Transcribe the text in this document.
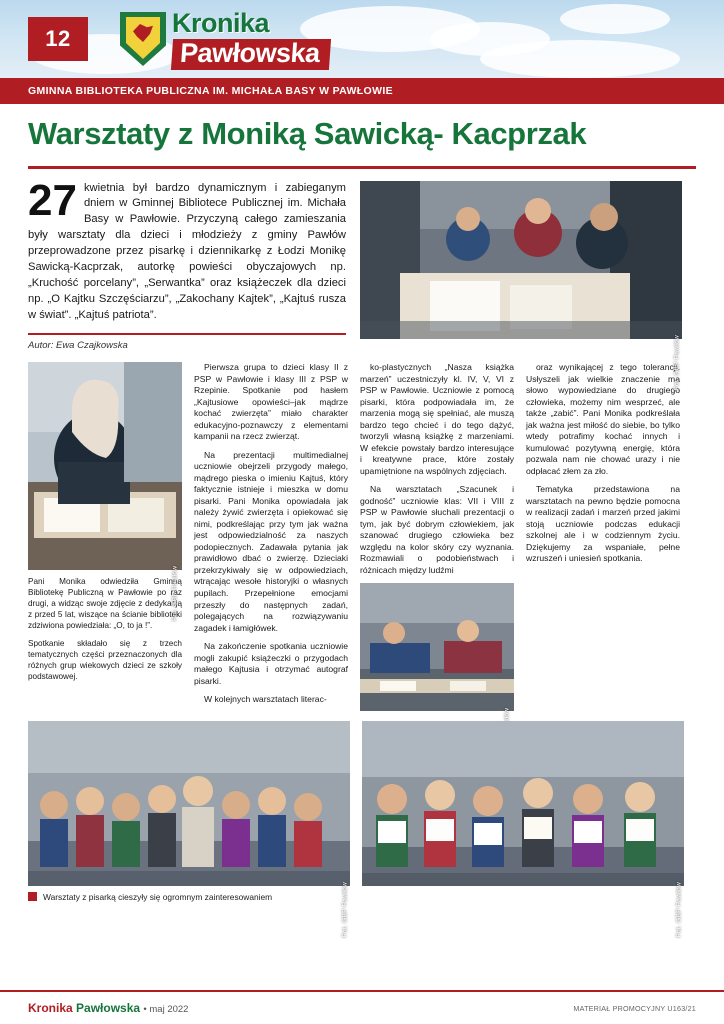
12
Kronika
Pawłowska
GMINNA BIBLIOTEKA PUBLICZNA IM. MICHAŁA BASY W PAWŁOWIE
Warsztaty z Moniką Sawicką- Kacprzak
27 kwietnia był bardzo dynamicznym i zabieganym dniem w Gminnej Bibliotece Publicznej im. Michała Basy w Pawłowie. Przyczyną całego zamieszania były warsztaty dla dzieci i młodzieży z gminy Pawłów przeprowadzone przez pisarkę i dziennikarkę z Łodzi Monikę Sawicką-Kacprzak, autorkę powieści obyczajowych np. „Kruchość porcelany”, „Serwantka” oraz książeczek dla dzieci np. „O Kajtku Szczęściarzu”, „Zakochany Kajtek”, „Kajtuś rusza w świat”. „Kajtuś patriota”.
Autor: Ewa Czajkowska	Fot. GBP Pawłów
Fot. GBP Pawłów
Pani Monika odwiedziła Gminną Bibliotekę Publiczną w Pawłowie po raz drugi, a widząc swoje zdjęcie z dedykacją z przed 5 lat, wiszące na ścianie biblioteki zdziwiona powiedziała: „O, to ja !”.
Spotkanie składało się z trzech tematycznych części przeznaczonych dla różnych grup wiekowych dzieci ze szkoły podstawowej.

Pierwsza grupa to dzieci klasy II z PSP w Pawłowie i klasy III z PSP w Rzepinie. Spotkanie pod hasłem „Kajtusiowe opowieści–jak mądrze kochać zwierzęta” miało charakter edukacyjno-poznawczy z elementami kampanii na rzecz zwierząt.

Na prezentacji multimedialnej uczniowie obejrzeli przygody małego, mądrego pieska o imieniu Kajtuś, który faktycznie istnieje i mieszka w domu pisarki. Pani Monika opowiadała jak należy żywić zwierzęta i opiekować się nimi, podkreślając przy tym jak ważna jest odpowiedzialność za naszych podopiecznych. Zadawała pytania jak prawidłowo dbać o zwierzę. Dzieciaki przekrzykiwały się w odpowiedziach, wtrącając wesołe historyjki o własnych pupilach. Przepełnione emocjami przeszły do następnych zadań, polegających na rozwiązywaniu zagadek i łamigłówek.

Na zakończenie spotkania uczniowie mogli zakupić książeczki o przygodach małego Kajtusia i otrzymać autograf pisarki.

W kolejnych warsztatach literac-

ko-plastycznych „Nasza książka marzeń” uczestniczyły kl. IV, V, VI z PSP w Pawłowie. Uczniowie z pomocą pisarki, która podpowiadała im, że marzenia mogą się spełniać, ale muszą bardzo tego chcieć i do tego dążyć, tworzyli własną książkę z marzeniami. W efekcie powstały bardzo interesujące i kreatywne prace, które zostały upamiętnione na wspólnych zdjęciach.

Na warsztatach „Szacunek i godność” uczniowie klas: VII i VIII z PSP w Pawłowie słuchali prezentacji o tym, jak być dobrym człowiekiem, jak szanować drugiego człowieka bez względu na kolor skóry czy wyznania. Rozmawiali o podobieństwach i różnicach między ludźmi

oraz wynikającej z tego tolerancji. Usłyszeli jak wielkie znaczenie ma słowo wypowiedziane do drugiego człowieka, możemy nim wesprzeć, ale także „zabić”. Pani Monika podkreślała jak ważna jest miłość do siebie, bo tylko wtedy potrafimy kochać innych i kumulować pozytywną energię, która pozwala nam nie chować urazy i nie odpłacać złem za zło.

Tematyka przedstawiona na warsztatach na pewno będzie pomocna w realizacji zadań i marzeń przed jakimi stoją uczniowie podczas edukacji szkolnej ale i w codziennym życiu. Dziękujemy za wspaniałe, pełne wzruszeń i uniesień spotkania.

Fot. GBP Pawłów	Fot. GBP Pawłów
Warsztaty z pisarką cieszyły się ogromnym zainteresowaniem
Kronika Pawłowska • maj 2022	MATERIAŁ PROMOCYJNY U163/21
